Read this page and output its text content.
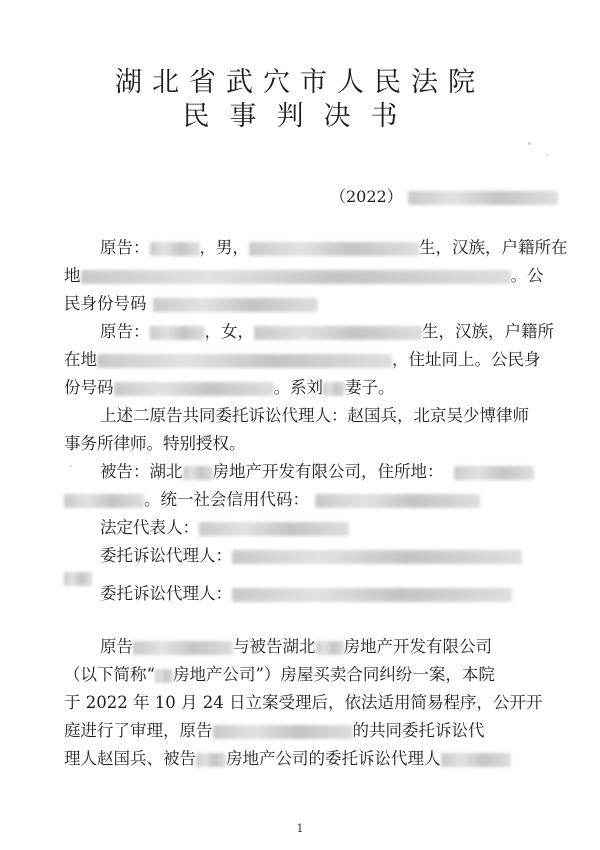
湖北省武穴市人民法院
民事判决书
（2022）
原告：	，男，	生，汉族，户籍所在
地	。公
民身份号码
原告：	，女，	生，汉族，户籍所
在地	，住址同上。公民身
份号码	。系刘 妻子。
上述二原告共同委托诉讼代理人：赵国兵，北京吴少博律师
事务所律师。特别授权。
被告：湖北 房地产开发有限公司，住所地：
。统一社会信用代码：
法定代表人：
委托诉讼代理人：
委托诉讼代理人：
原告	与被告湖北 房地产开发有限公司
（以下简称“ 房地产公司”）房屋买卖合同纠纷一案，本院
于 2022 年 10 月 24 日立案受理后，依法适用简易程序，公开开
庭进行了审理，原告	的共同委托诉讼代
理人赵国兵、被告 房地产公司的委托诉讼代理人
1
